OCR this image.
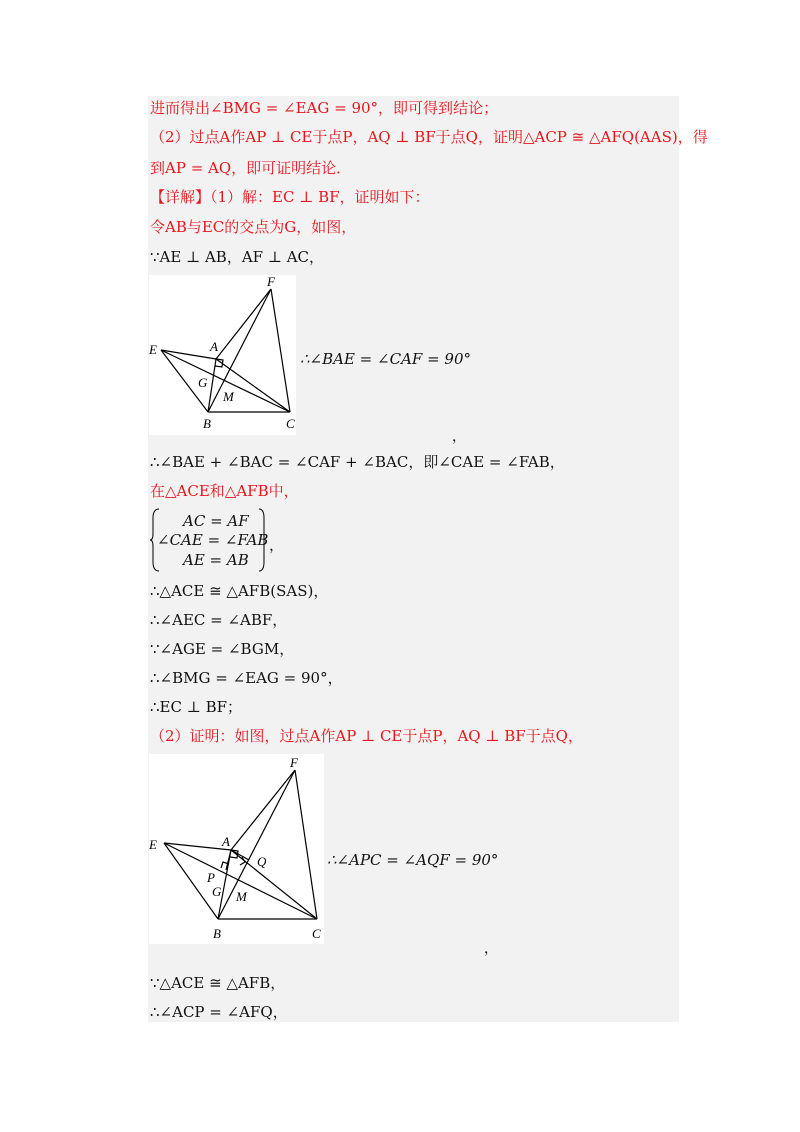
进而得出∠BMG = ∠EAG = 90°，即可得到结论；
（2）过点A作AP ⊥ CE于点P，AQ ⊥ BF于点Q，证明△ACP ≅ △AFQ(AAS)，得
到AP = AQ，即可证明结论．
【详解】（1）解：EC ⊥ BF，证明如下：
令AB与EC的交点为G，如图，
∵AE ⊥ AB，AF ⊥ AC，
F
E	A
G
M
B	C
∴∠BAE = ∠CAF = 90°
，
∴∠BAE + ∠BAC = ∠CAF + ∠BAC，即∠CAE = ∠FAB，
在△ACE和△AFB中，
AC = AF
∠CAE = ∠FAB
AE = AB
，
∴△ACE ≅ △AFB(SAS)，
∴∠AEC = ∠ABF，
∵∠AGE = ∠BGM，
∴∠BMG = ∠EAG = 90°，
∴EC ⊥ BF；
（2）证明：如图，过点A作AP ⊥ CE于点P，AQ ⊥ BF于点Q，
F
E	A
Q
P
G M
B	C
∴∠APC = ∠AQF = 90°
，
∵△ACE ≅ △AFB，
∴∠ACP = ∠AFQ，
